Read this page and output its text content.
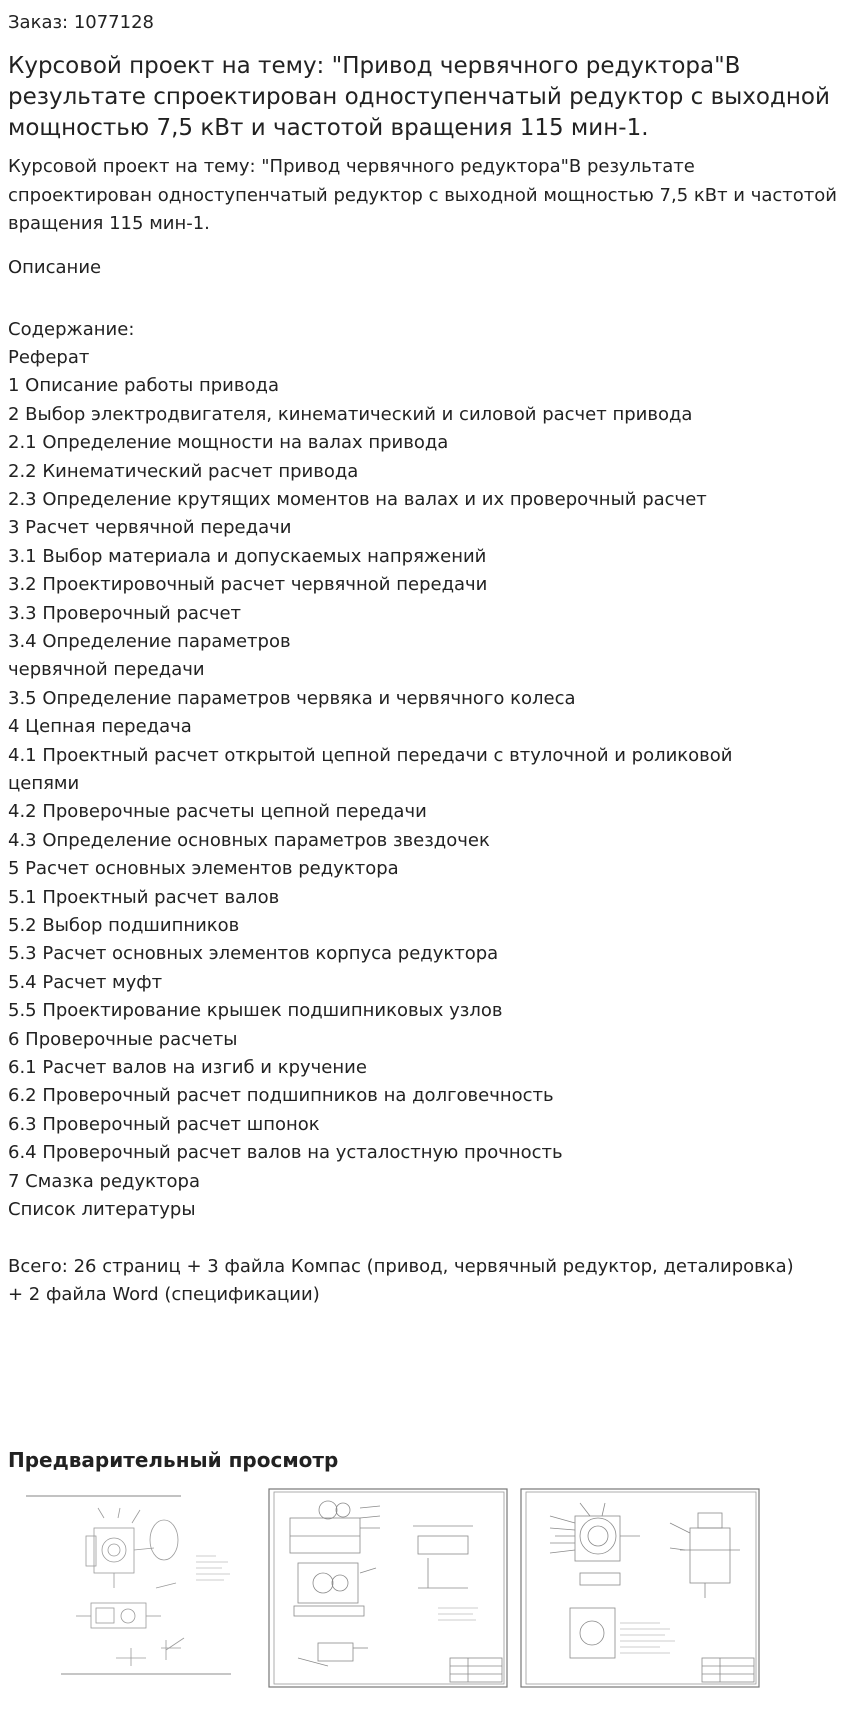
Заказ: 1077128
Курсовой проект на тему: "Привод червячного редуктора"В результате спроектирован одноступенчатый редуктор с выходной мощностью 7,5 кВт и частотой вращения 115 мин-1.
Курсовой проект на тему: "Привод червячного редуктора"В результате спроектирован одноступенчатый редуктор с выходной мощностью 7,5 кВт и частотой вращения 115 мин-1.
Описание
Содержание:
Реферат
1 Описание работы привода
2 Выбор электродвигателя, кинематический и силовой расчет привода
2.1 Определение мощности на валах привода
2.2 Кинематический расчет привода
2.3 Определение крутящих моментов на валах и их проверочный расчет
3 Расчет червячной передачи
3.1 Выбор материала и допускаемых напряжений
3.2 Проектировочный расчет червячной передачи
3.3 Проверочный расчет
3.4 Определение параметров
червячной передачи
3.5 Определение параметров червяка и червячного колеса
4 Цепная передача
4.1 Проектный расчет открытой цепной передачи с втулочной и роликовой
цепями
4.2 Проверочные расчеты цепной передачи
4.3 Определение основных параметров звездочек
5 Расчет основных элементов редуктора
5.1 Проектный расчет валов
5.2 Выбор подшипников
5.3 Расчет основных элементов корпуса редуктора
5.4 Расчет муфт
5.5 Проектирование крышек подшипниковых узлов
6 Проверочные расчеты
6.1 Расчет валов на изгиб и кручение
6.2 Проверочный расчет подшипников на долговечность
6.3 Проверочный расчет шпонок
6.4 Проверочный расчет валов на усталостную прочность
7 Смазка редуктора
Список литературы
Всего: 26 страниц + 3 файла Компас (привод, червячный редуктор, деталировка)
+ 2 файла Word (спецификации)
Предварительный просмотр
